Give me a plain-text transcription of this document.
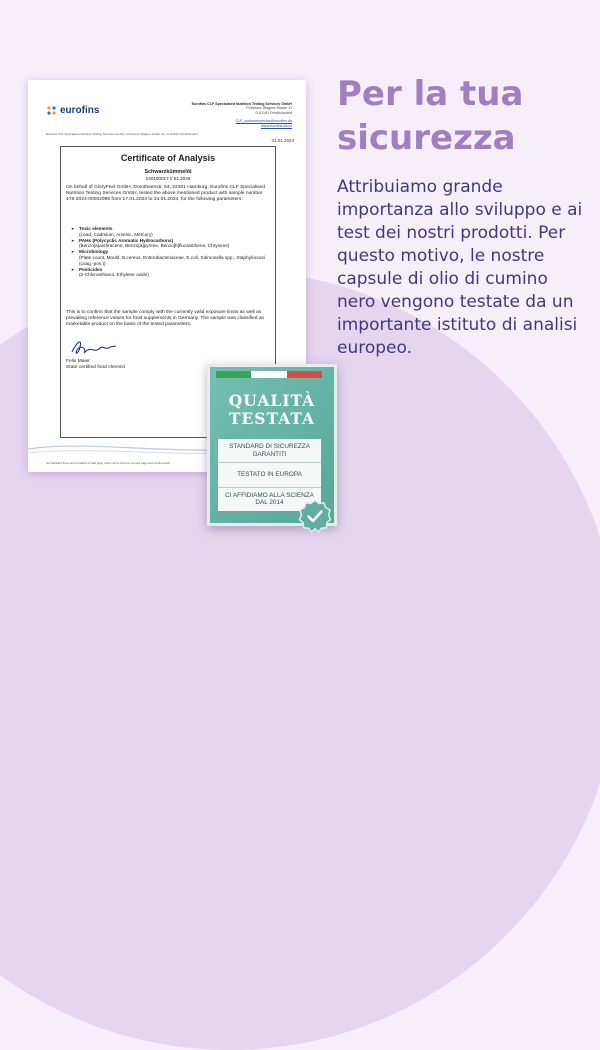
eurofins
Eurofins CLF Specialised Nutrition Testing Services GmbH
Professor-Wagner-Straße 11
D-61191 Friedrichsdorf
CLF_customerservice@eurofins.de
www.eurofins.de/clf
Eurofins CLF Specialised Nutrition Testing Services GmbH • Professor-Wagner-Straße 11 • D-61191 Friedrichsdorf
31.01.2024
Certificate of Analysis
Schwarzkümmelöl
240100017 // 01.2026
On behalf of GloryFeel GmbH, Dorotheenstr. 54, 22301 Hamburg, Eurofins CLF Specialised Nutrition Testing Services GmbH, tested the above mentioned product with sample number 476-2024-00002095 from 17.01.2024 to 24.01.2024, for the following parameters:
➤ Toxic elements
(Lead, Cadmium, Arsenic, Mercury)
➤ PAHs (Polycyclic Aromatic Hydrocarbons)
(Benzo[a]anthracene, Benzo[a]pyrene, Benzo[b]fluoranthene, Chrysene)
➤ Microbiology
(Plate count, Mould, B.cereus, Enterobacteriaceae, E.coli, Salmonella spp., Staphylococci (coag.-pos.))
➤ Pesticides
(2-Chloroethanol, Ethylene oxide)
This is to confirm that the sample comply with the currently valid exposure limits as well as prevailing reference values for food supplements in Germany. The sample was classified as marketable product on the basis of the tested parameters.
Felix Maier
State certified food chemist
Our Standard Terms and Conditions of Sale apply, which can be found on our web page www.eurofins.de/clf
QUALITÀ
TESTATA
STANDARD DI SICUREZZA GARANTITI
TESTATO IN EUROPA
CI AFFIDIAMO ALLA SCIENZA DAL 2014
Per la tua sicurezza

Attribuiamo grande importanza allo sviluppo e ai test dei nostri prodotti. Per questo motivo, le nostre capsule di olio di cumino nero vengono testate da un importante istituto di analisi europeo.
